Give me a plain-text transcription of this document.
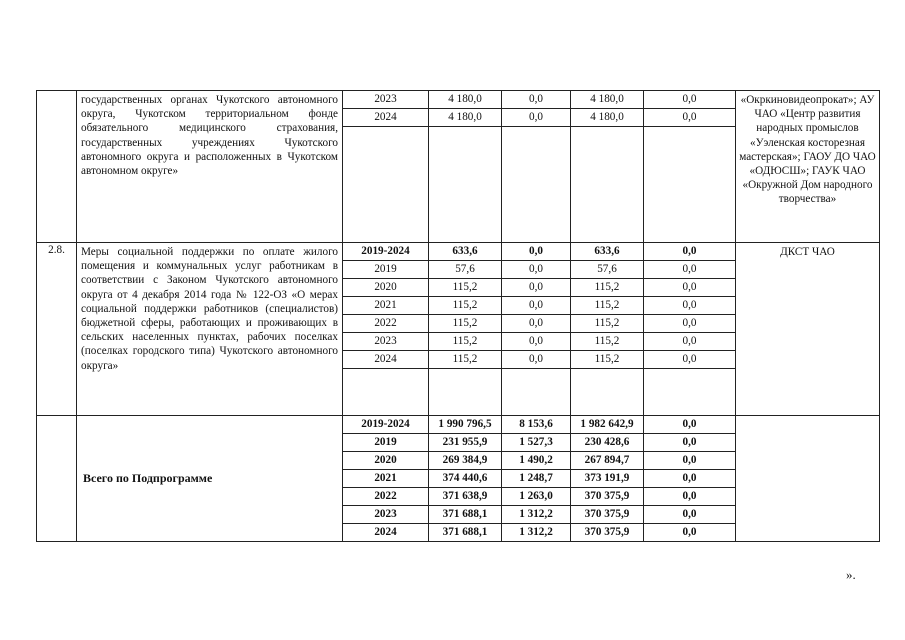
	государственных органах Чукотского автономного округа, Чукотском территориальном фонде обязательного медицинского страхования, государственных учреждениях Чукотского автономного округа и расположенных в Чукотском автономном округе»	2023	4 180,0	0,0	4 180,0	0,0	«Окркиновидеопрокат»; АУ ЧАО «Центр развития народных промыслов «Уэленская косторезная мастерская»; ГАОУ ДО ЧАО «ОДЮСШ»; ГАУК ЧАО «Окружной Дом народного творчества»
		2024	4 180,0	0,0	4 180,0	0,0	

2.8.	Меры социальной поддержки по оплате жилого помещения и коммунальных услуг работникам в соответствии с Законом Чукотского автономного округа от 4 декабря 2014 года № 122-ОЗ «О мерах социальной поддержки работников (специалистов) бюджетной сферы, работающих и проживающих в сельских населенных пунктах, рабочих поселках (поселках городского типа) Чукотского автономного округа»	2019-2024	633,6	0,0	633,6	0,0	ДКСТ ЧАО
		2019	57,6	0,0	57,6	0,0	
		2020	115,2	0,0	115,2	0,0	
		2021	115,2	0,0	115,2	0,0	
		2022	115,2	0,0	115,2	0,0	
		2023	115,2	0,0	115,2	0,0	
		2024	115,2	0,0	115,2	0,0	

	Всего по Подпрограмме	2019-2024	1 990 796,5	8 153,6	1 982 642,9	0,0	
		2019	231 955,9	1 527,3	230 428,6	0,0	
		2020	269 384,9	1 490,2	267 894,7	0,0	
		2021	374 440,6	1 248,7	373 191,9	0,0	
		2022	371 638,9	1 263,0	370 375,9	0,0	
		2023	371 688,1	1 312,2	370 375,9	0,0	
		2024	371 688,1	1 312,2	370 375,9	0,0	
».
